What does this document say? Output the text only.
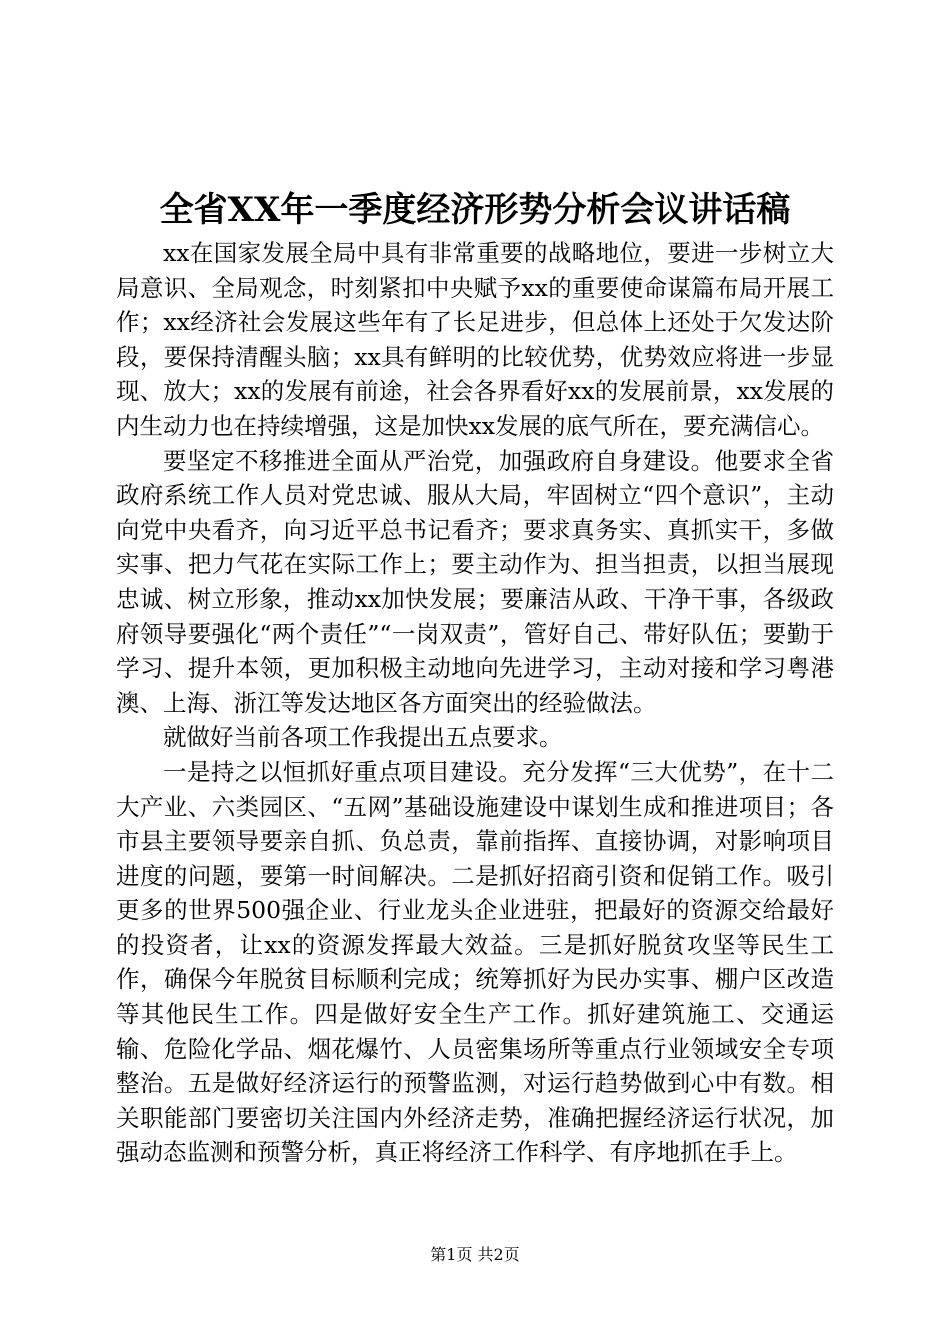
全省XX年一季度经济形势分析会议讲话稿

xx在国家发展全局中具有非常重要的战略地位，要进一步树立大局意识、全局观念，时刻紧扣中央赋予xx的重要使命谋篇布局开展工作；xx经济社会发展这些年有了长足进步，但总体上还处于欠发达阶段，要保持清醒头脑；xx具有鲜明的比较优势，优势效应将进一步显现、放大；xx的发展有前途，社会各界看好xx的发展前景，xx发展的内生动力也在持续增强，这是加快xx发展的底气所在，要充满信心。

要坚定不移推进全面从严治党，加强政府自身建设。他要求全省政府系统工作人员对党忠诚、服从大局，牢固树立“四个意识”，主动向党中央看齐，向习近平总书记看齐；要求真务实、真抓实干，多做实事、把力气花在实际工作上；要主动作为、担当担责，以担当展现忠诚、树立形象，推动xx加快发展；要廉洁从政、干净干事，各级政府领导要强化“两个责任”“一岗双责”，管好自己、带好队伍；要勤于学习、提升本领，更加积极主动地向先进学习，主动对接和学习粤港澳、上海、浙江等发达地区各方面突出的经验做法。

就做好当前各项工作我提出五点要求。

一是持之以恒抓好重点项目建设。充分发挥“三大优势”，在十二大产业、六类园区、“五网”基础设施建设中谋划生成和推进项目；各市县主要领导要亲自抓、负总责，靠前指挥、直接协调，对影响项目进度的问题，要第一时间解决。二是抓好招商引资和促销工作。吸引更多的世界500强企业、行业龙头企业进驻，把最好的资源交给最好的投资者，让xx的资源发挥最大效益。三是抓好脱贫攻坚等民生工作，确保今年脱贫目标顺利完成；统筹抓好为民办实事、棚户区改造等其他民生工作。四是做好安全生产工作。抓好建筑施工、交通运输、危险化学品、烟花爆竹、人员密集场所等重点行业领域安全专项整治。五是做好经济运行的预警监测，对运行趋势做到心中有数。相关职能部门要密切关注国内外经济走势，准确把握经济运行状况，加强动态监测和预警分析，真正将经济工作科学、有序地抓在手上。

第1页 共2页
